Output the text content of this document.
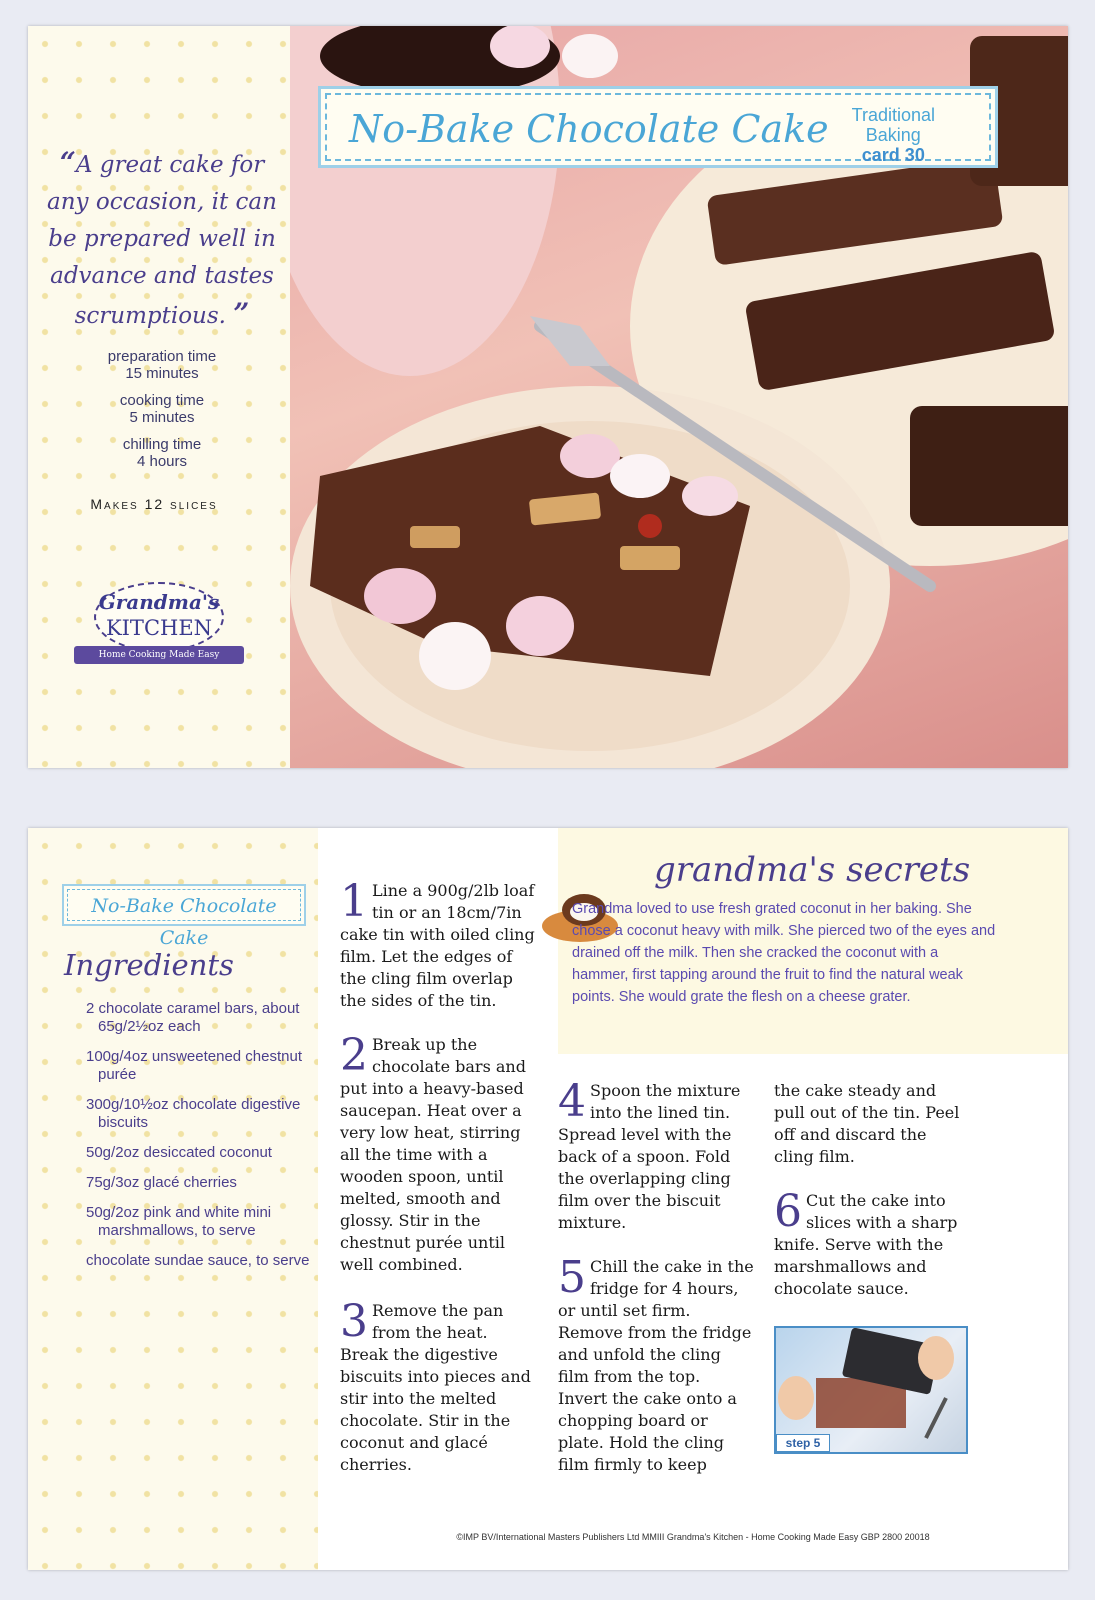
“A great cake for any occasion, it can be prepared well in advance and tastes scrumptious. ”
preparation time
15 minutes
cooking time
5 minutes
chilling time
4 hours
Makes 12 slices
Grandma's
KITCHEN
Home Cooking Made Easy
No-Bake Chocolate Cake Traditional
Baking
card 30
No-Bake Chocolate Cake
Ingredients
2 chocolate caramel bars, about 65g/2½oz each
100g/4oz unsweetened chestnut purée
300g/10½oz chocolate digestive biscuits
50g/2oz desiccated coconut
75g/3oz glacé cherries
50g/2oz pink and white mini marshmallows, to serve
chocolate sundae sauce, to serve
1 Line a 900g/2lb loaf tin or an 18cm/7in cake tin with oiled cling film. Let the edges of the cling film overlap the sides of the tin.
2 Break up the chocolate bars and put into a heavy-based saucepan. Heat over a very low heat, stirring all the time with a wooden spoon, until melted, smooth and glossy. Stir in the chestnut purée until well combined.
3 Remove the pan from the heat. Break the digestive biscuits into pieces and stir into the melted chocolate. Stir in the coconut and glacé cherries.
4 Spoon the mixture into the lined tin. Spread level with the back of a spoon. Fold the overlapping cling film over the biscuit mixture.
5 Chill the cake in the fridge for 4 hours, or until set firm. Remove from the fridge and unfold the cling film from the top. Invert the cake onto a chopping board or plate. Hold the cling film firmly to keep
the cake steady and pull out of the tin. Peel off and discard the cling film.
6 Cut the cake into slices with a sharp knife. Serve with the marshmallows and chocolate sauce.
step 5
grandma's secrets
Grandma loved to use fresh grated coconut in her baking. She chose a coconut heavy with milk. She pierced two of the eyes and drained off the milk. Then she cracked the coconut with a hammer, first tapping around the fruit to find the natural weak points. She would grate the flesh on a cheese grater.
©IMP BV/International Masters Publishers Ltd MMIII Grandma's Kitchen - Home Cooking Made Easy GBP 2800 20018
